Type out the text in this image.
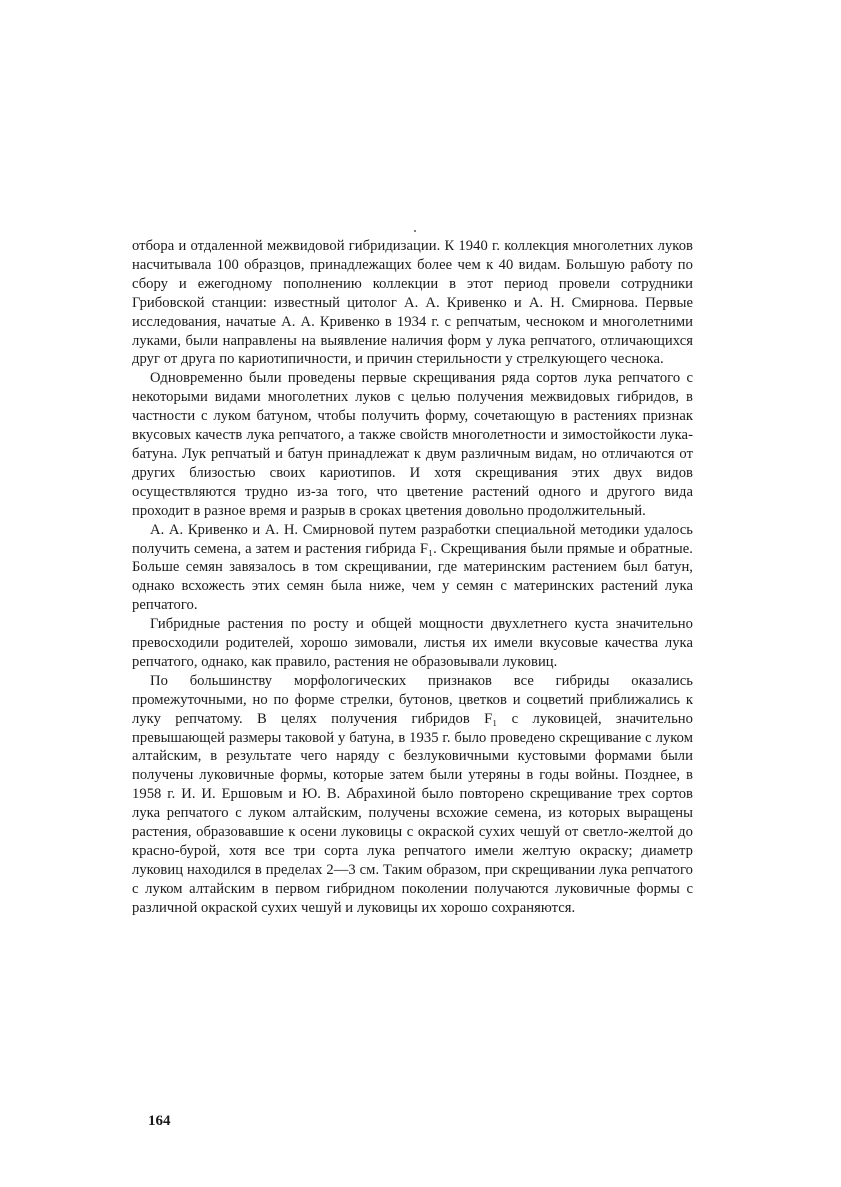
отбора и отдаленной межвидовой гибридизации. К 1940 г. коллекция многолетних луков насчитывала 100 образцов, принадлежащих более чем к 40 видам. Большую работу по сбору и ежегодному пополнению коллекции в этот период провели сотрудники Грибовской станции: известный цитолог А. А. Кривенко и А. Н. Смирнова. Первые исследования, начатые А. А. Кривенко в 1934 г. с репчатым, чесноком и многолетними луками, были направлены на выявление наличия форм у лука репчатого, отличающихся друг от друга по кариотипичности, и причин стерильности у стрелкующего чеснока.

Одновременно были проведены первые скрещивания ряда сортов лука репчатого с некоторыми видами многолетних луков с целью получения межвидовых гибридов, в частности с луком батуном, чтобы получить форму, сочетающую в растениях признак вкусовых качеств лука репчатого, а также свойств многолетности и зимостойкости лука-батуна. Лук репчатый и батун принадлежат к двум различным видам, но отличаются от других близостью своих кариотипов. И хотя скрещивания этих двух видов осуществляются трудно из-за того, что цветение растений одного и другого вида проходит в разное время и разрыв в сроках цветения довольно продолжительный.

А. А. Кривенко и А. Н. Смирновой путем разработки специальной методики удалось получить семена, а затем и растения гибрида F₁. Скрещивания были прямые и обратные. Больше семян завязалось в том скрещивании, где материнским растением был батун, однако всхожесть этих семян была ниже, чем у семян с материнских растений лука репчатого.

Гибридные растения по росту и общей мощности двухлетнего куста значительно превосходили родителей, хорошо зимовали, листья их имели вкусовые качества лука репчатого, однако, как правило, растения не образовывали луковиц.

По большинству морфологических признаков все гибриды оказались промежуточными, но по форме стрелки, бутонов, цветков и соцветий приближались к луку репчатому. В целях получения гибридов F₁ с луковицей, значительно превышающей размеры таковой у батуна, в 1935 г. было проведено скрещивание с луком алтайским, в результате чего наряду с безлуковичными кустовыми формами были получены луковичные формы, которые затем были утеряны в годы войны. Позднее, в 1958 г. И. И. Ершовым и Ю. В. Абрахиной было повторено скрещивание трех сортов лука репчатого с луком алтайским, получены всхожие семена, из которых выращены растения, образовавшие к осени луковицы с окраской сухих чешуй от светло-желтой до красно-бурой, хотя все три сорта лука репчатого имели желтую окраску; диаметр луковиц находился в пределах 2—3 см. Таким образом, при скрещивании лука репчатого с луком алтайским в первом гибридном поколении получаются луковичные формы с различной окраской сухих чешуй и луковицы их хорошо сохраняются.

164
